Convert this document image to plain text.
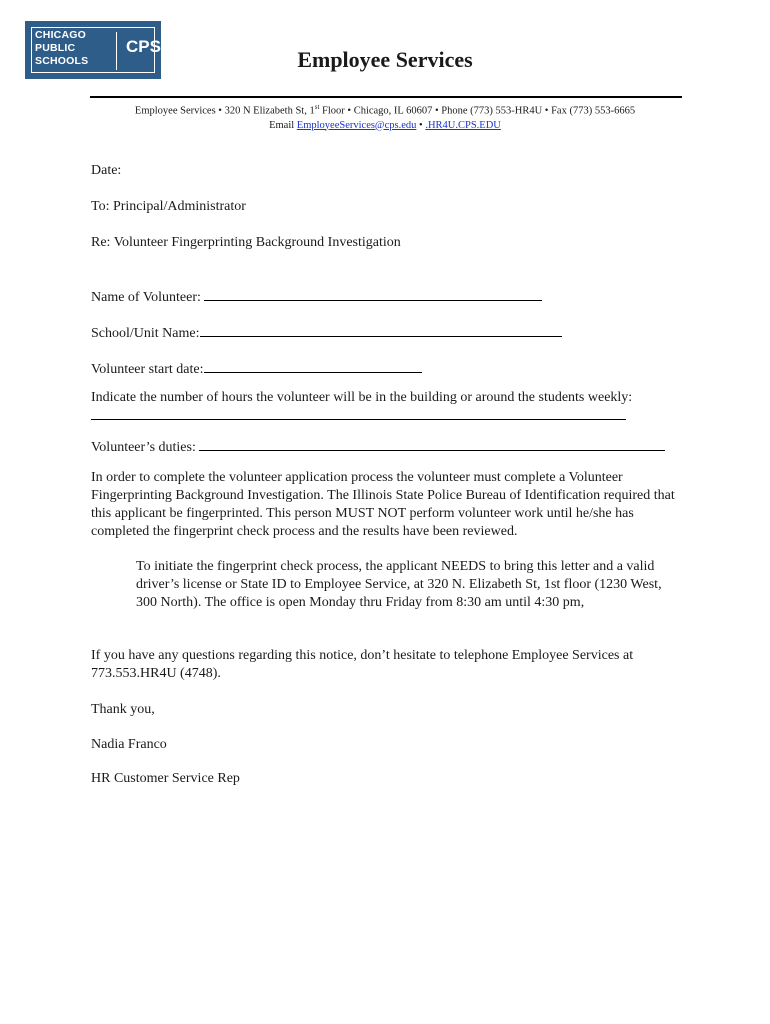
CHICAGO
PUBLIC
SCHOOLS
CPS
Employee Services
Employee Services • 320 N Elizabeth St, 1st Floor • Chicago, IL 60607 • Phone (773) 553-HR4U • Fax (773) 553-6665
Email EmployeeServices@cps.edu • .HR4U.CPS.EDU

Date:

To: Principal/Administrator

Re: Volunteer Fingerprinting Background Investigation

Name of Volunteer:
School/Unit Name:
Volunteer start date:
Indicate the number of hours the volunteer will be in the building or around the students weekly:
Volunteer’s duties:

In order to complete the volunteer application process the volunteer must complete a Volunteer Fingerprinting Background Investigation. The Illinois State Police Bureau of Identification required that this applicant be fingerprinted. This person MUST NOT perform volunteer work until he/she has completed the fingerprint check process and the results have been reviewed.

To initiate the fingerprint check process, the applicant NEEDS to bring this letter and a valid driver’s license or State ID to Employee Service, at 320 N. Elizabeth St, 1st floor (1230 West, 300 North). The office is open Monday thru Friday from 8:30 am until 4:30 pm,

If you have any questions regarding this notice, don’t hesitate to telephone Employee Services at 773.553.HR4U (4748).

Thank you,

Nadia Franco

HR Customer Service Rep
